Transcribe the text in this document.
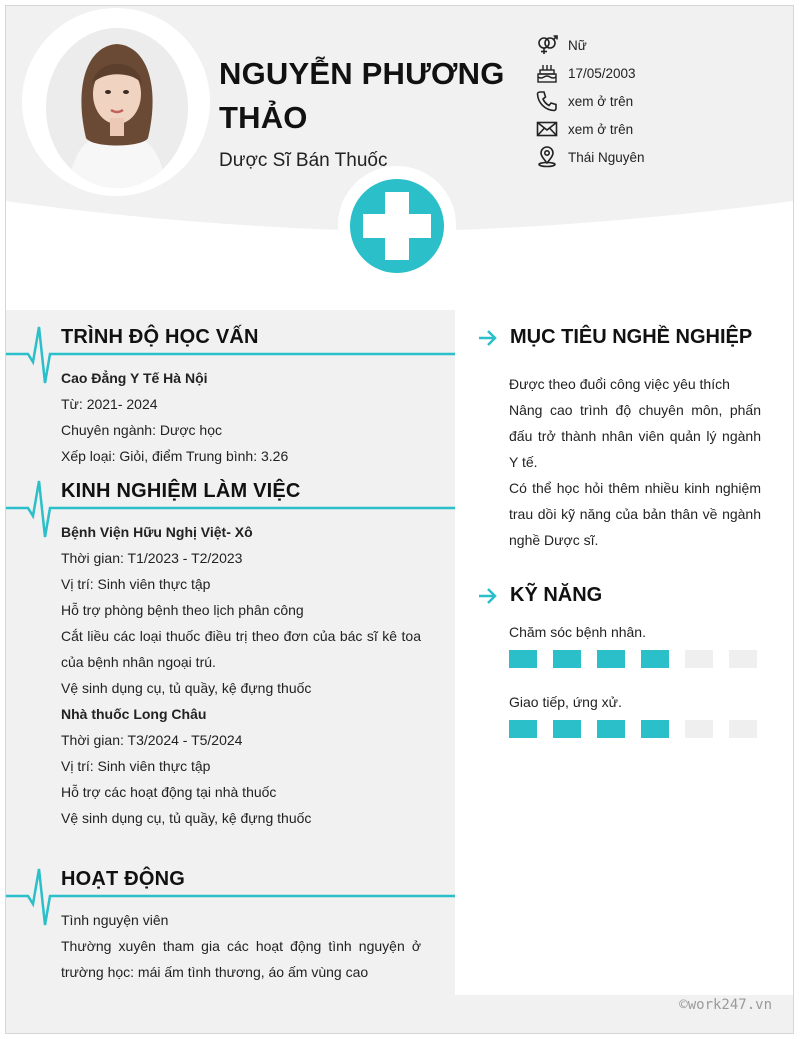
NGUYỄN PHƯƠNG THẢO
Dược Sĩ Bán Thuốc
Nữ
17/05/2003
xem ở trên
xem ở trên
Thái Nguyên
TRÌNH ĐỘ HỌC VẤN
Cao Đẳng Y Tế Hà Nội
Từ: 2021- 2024
Chuyên ngành: Dược học
Xếp loại: Giỏi, điểm Trung bình: 3.26
KINH NGHIỆM LÀM VIỆC
Bệnh Viện Hữu Nghị Việt- Xô
Thời gian: T1/2023 - T2/2023
Vị trí: Sinh viên thực tập
Hỗ trợ phòng bệnh theo lịch phân công
Cắt liều các loại thuốc điều trị theo đơn của bác sĩ kê toa của bệnh nhân ngoại trú.
Vệ sinh dụng cụ, tủ quầy, kệ đựng thuốc
Nhà thuốc Long Châu
Thời gian: T3/2024 - T5/2024
Vị trí: Sinh viên thực tập
Hỗ trợ các hoạt động tại nhà thuốc
Vệ sinh dụng cụ, tủ quầy, kệ đựng thuốc
HOẠT ĐỘNG
Tình nguyện viên
Thường xuyên tham gia các hoạt động tình nguyện ở trường học: mái ấm tình thương, áo ấm vùng cao
MỤC TIÊU NGHỀ NGHIỆP
Được theo đuổi công việc yêu thích
Nâng cao trình độ chuyên môn, phấn đấu trở thành nhân viên quản lý ngành Y tế.
Có thể học hỏi thêm nhiều kinh nghiệm trau dồi kỹ năng của bản thân về ngành nghề Dược sĩ.
KỸ NĂNG
Chăm sóc bệnh nhân.
Giao tiếp, ứng xử.
©work247.vn
